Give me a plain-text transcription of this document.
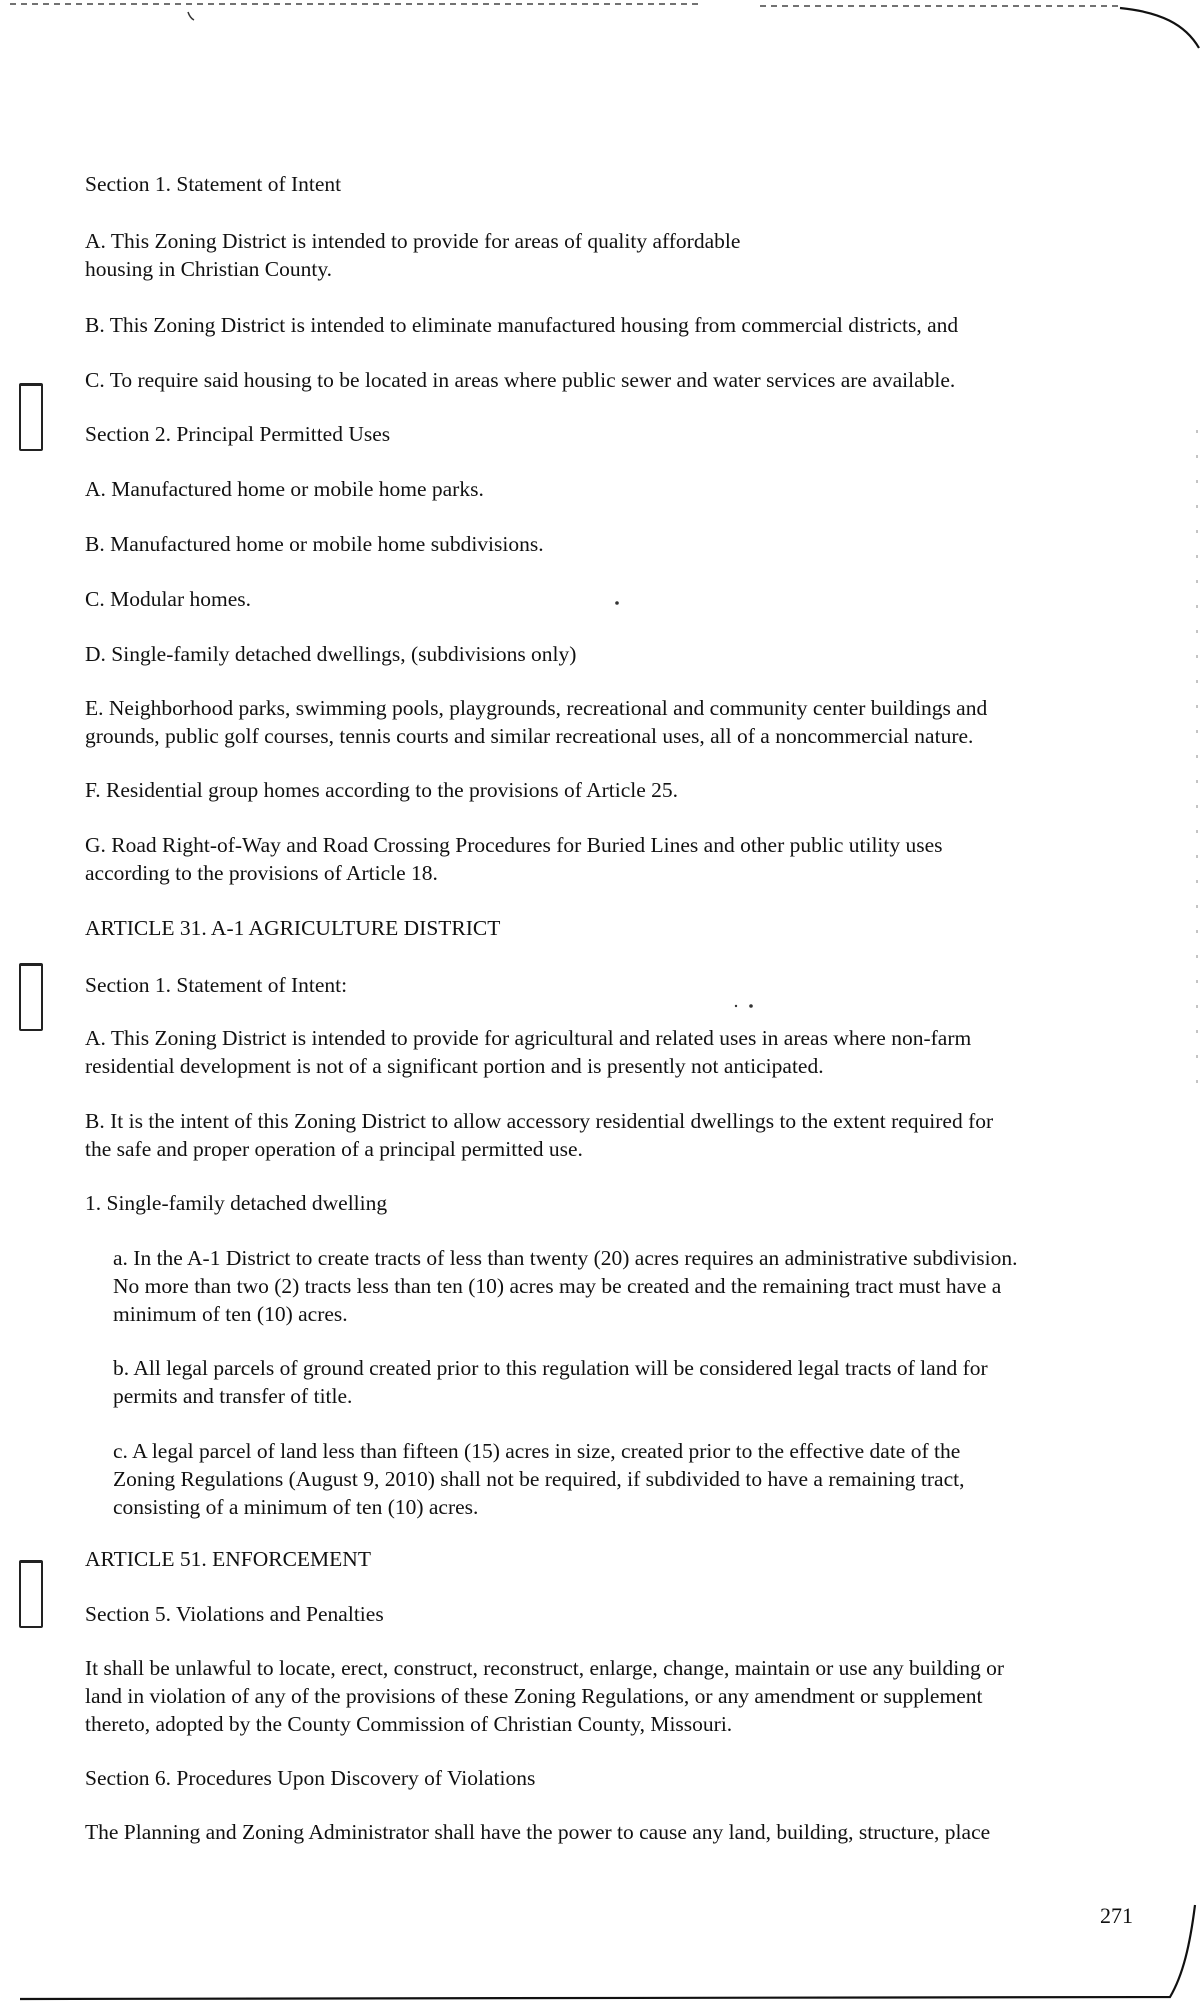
Section 1. Statement of Intent

A. This Zoning District is intended to provide for areas of quality affordable
housing in Christian County.

B. This Zoning District is intended to eliminate manufactured housing from commercial districts, and

C. To require said housing to be located in areas where public sewer and water services are available.

Section 2. Principal Permitted Uses

A. Manufactured home or mobile home parks.

B. Manufactured home or mobile home subdivisions.

C. Modular homes.

D. Single-family detached dwellings, (subdivisions only)

E. Neighborhood parks, swimming pools, playgrounds, recreational and community center buildings and
grounds, public golf courses, tennis courts and similar recreational uses, all of a noncommercial nature.

F. Residential group homes according to the provisions of Article 25.

G. Road Right-of-Way and Road Crossing Procedures for Buried Lines and other public utility uses
according to the provisions of Article 18.

ARTICLE 31. A-1 AGRICULTURE DISTRICT

Section 1. Statement of Intent:

A. This Zoning District is intended to provide for agricultural and related uses in areas where non-farm
residential development is not of a significant portion and is presently not anticipated.

B. It is the intent of this Zoning District to allow accessory residential dwellings to the extent required for
the safe and proper operation of a principal permitted use.

1. Single-family detached dwelling

a. In the A-1 District to create tracts of less than twenty (20) acres requires an administrative subdivision.
No more than two (2) tracts less than ten (10) acres may be created and the remaining tract must have a
minimum of ten (10) acres.

b. All legal parcels of ground created prior to this regulation will be considered legal tracts of land for
permits and transfer of title.

c. A legal parcel of land less than fifteen (15) acres in size, created prior to the effective date of the
Zoning Regulations (August 9, 2010) shall not be required, if subdivided to have a remaining tract,
consisting of a minimum of ten (10) acres.

ARTICLE 51. ENFORCEMENT

Section 5. Violations and Penalties

It shall be unlawful to locate, erect, construct, reconstruct, enlarge, change, maintain or use any building or
land in violation of any of the provisions of these Zoning Regulations, or any amendment or supplement
thereto, adopted by the County Commission of Christian County, Missouri.

Section 6. Procedures Upon Discovery of Violations

The Planning and Zoning Administrator shall have the power to cause any land, building, structure, place

271
